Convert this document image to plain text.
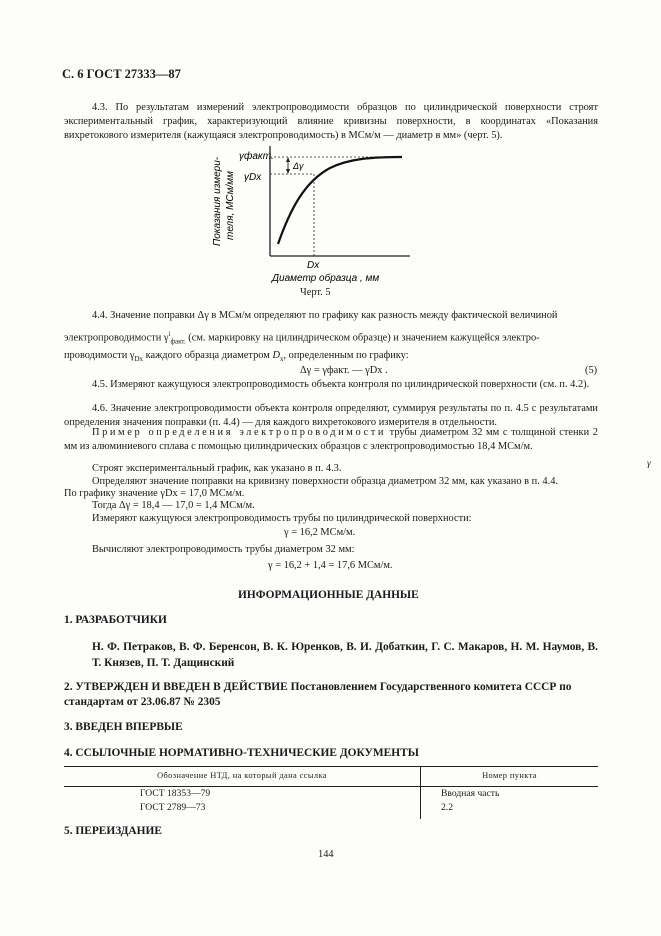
С. 6 ГОСТ 27333—87
4.3. По результатам измерений электропроводимости образцов по цилиндрической поверхности строят экспериментальный график, характеризующий влияние кривизны поверхности, в координатах «Показания вихретокового измерителя (кажущаяся электропроводимость) в МСм/м — диаметр в мм» (черт. 5).
γфакт.
Δγ
γDx
Dx
Диаметр образца , мм
Показания измери- теля, МСм/мм
Черт. 5
4.4. Значение поправки Δγ в МСм/м определяют по графику как разность между фактической величиной
электропроводимости $\gamma^i_{факт.}$ (см. маркировку на цилиндрическом образце) и значением кажущейся электро-
проводимости $\gamma_{Dx}$ каждого образца диаметром $D_x$, определенным по графику:
Δγ = γфакт. — γDx .	(5)
4.5. Измеряют кажущуюся электропроводимость объекта контроля по цилиндрической поверхности (см. п. 4.2).
4.6. Значение электропроводимости объекта контроля определяют, суммируя результаты по п. 4.5 с результатами определения значения поправки (п. 4.4) — для каждого вихретокового измерителя в отдельности.
Пример определения электропроводимости трубы диаметром 32 мм с толщиной стенки 2 мм из алюминиевого сплава с помощью цилиндрических образцов с электропроводимостью 18,4 МСм/м.
Строят экспериментальный график, как указано в п. 4.3.
Определяют значение поправки на кривизну поверхности образца диаметром 32 мм, как указано в п. 4.4.
По графику значение γDx = 17,0 МСм/м.
Тогда Δγ = 18,4 — 17,0 = 1,4 МСм/м.
Измеряют кажущуюся электропроводимость трубы по цилиндрической поверхности:
γ = 16,2 МСм/м.
Вычисляют электропроводимость трубы диаметром 32 мм:
γ = 16,2 + 1,4 = 17,6 МСм/м.
ИНФОРМАЦИОННЫЕ ДАННЫЕ
1. РАЗРАБОТЧИКИ
Н. Ф. Петраков, В. Ф. Беренсон, В. К. Юренков, В. И. Добаткин, Г. С. Макаров, Н. М. Наумов, В. Т. Князев, П. Т. Дащинский
2. УТВЕРЖДЕН И ВВЕДЕН В ДЕЙСТВИЕ Постановлением Государственного комитета СССР по стандартам от 23.06.87 № 2305
3. ВВЕДЕН ВПЕРВЫЕ
4. ССЫЛОЧНЫЕ НОРМАТИВНО-ТЕХНИЧЕСКИЕ ДОКУМЕНТЫ
Обозначение НТД, на который дана ссылка	Номер пункта
ГОСТ 18353—79	Вводная часть
ГОСТ 2789—73	2.2
5. ПЕРЕИЗДАНИЕ
144
γ
